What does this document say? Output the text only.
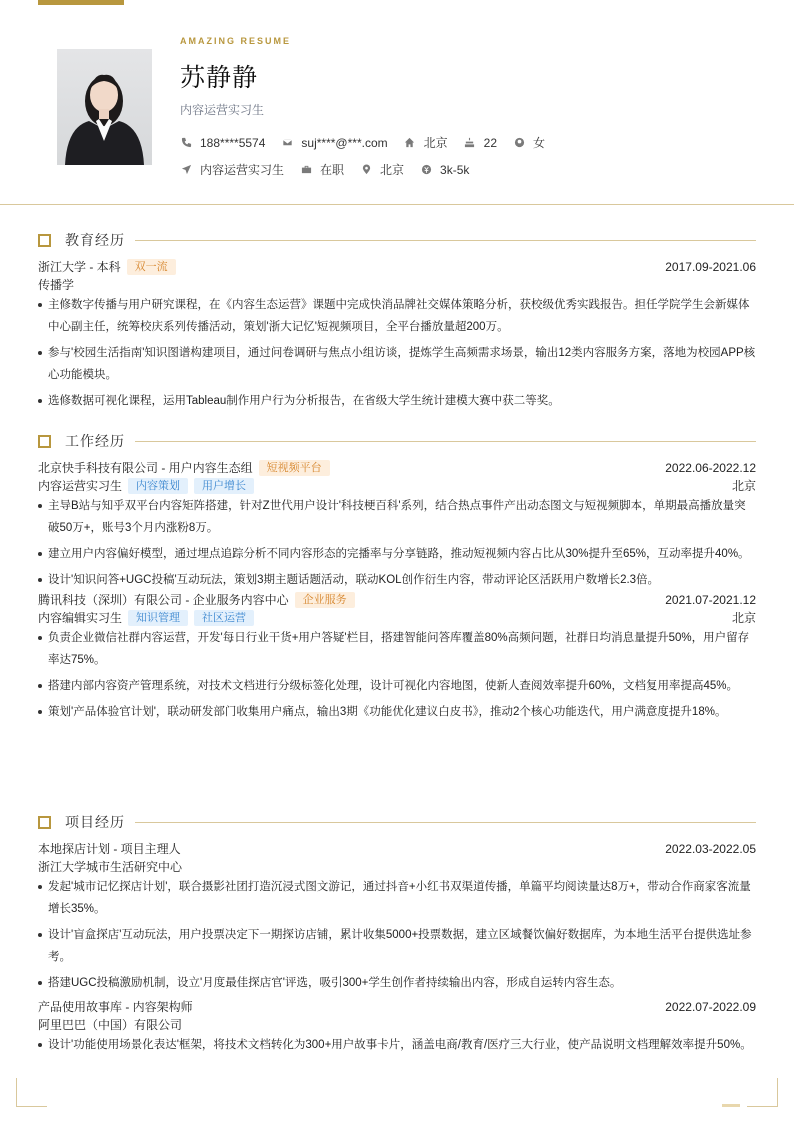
AMAZING RESUME
苏静静
内容运营实习生
188****5574	suj****@***.com	北京	22	女
内容运营实习生	在职	北京	3k-5k
教育经历
浙江大学 - 本科	双一流	2017.09-2021.06
传播学
主修数字传播与用户研究课程，在《内容生态运营》课题中完成快消品牌社交媒体策略分析，获校级优秀实践报告。担任学院学生会新媒体中心副主任，统筹校庆系列传播活动，策划'浙大记忆'短视频项目，全平台播放量超200万。
参与'校园生活指南'知识图谱构建项目，通过问卷调研与焦点小组访谈，提炼学生高频需求场景，输出12类内容服务方案，落地为校园APP核心功能模块。
选修数据可视化课程，运用Tableau制作用户行为分析报告，在省级大学生统计建模大赛中获二等奖。
工作经历
北京快手科技有限公司 - 用户内容生态组	短视频平台	2022.06-2022.12
内容运营实习生	内容策划	用户增长	北京
主导B站与知乎双平台内容矩阵搭建，针对Z世代用户设计'科技梗百科'系列，结合热点事件产出动态图文与短视频脚本，单期最高播放量突破50万+，账号3个月内涨粉8万。
建立用户内容偏好模型，通过埋点追踪分析不同内容形态的完播率与分享链路，推动短视频内容占比从30%提升至65%，互动率提升40%。
设计'知识问答+UGC投稿'互动玩法，策划3期主题话题活动，联动KOL创作衍生内容，带动评论区活跃用户数增长2.3倍。
腾讯科技（深圳）有限公司 - 企业服务内容中心	企业服务	2021.07-2021.12
内容编辑实习生	知识管理	社区运营	北京
负责企业微信社群内容运营，开发'每日行业干货+用户答疑'栏目，搭建智能问答库覆盖80%高频问题，社群日均消息量提升50%，用户留存率达75%。
搭建内部内容资产管理系统，对技术文档进行分级标签化处理，设计可视化内容地图，使新人查阅效率提升60%，文档复用率提高45%。
策划'产品体验官计划'，联动研发部门收集用户痛点，输出3期《功能优化建议白皮书》，推动2个核心功能迭代，用户满意度提升18%。
项目经历
本地探店计划 - 项目主理人	2022.03-2022.05
浙江大学城市生活研究中心
发起'城市记忆探店计划'，联合摄影社团打造沉浸式图文游记，通过抖音+小红书双渠道传播，单篇平均阅读量达8万+，带动合作商家客流量增长35%。
设计'盲盒探店'互动玩法，用户投票决定下一期探访店铺，累计收集5000+投票数据，建立区域餐饮偏好数据库，为本地生活平台提供选址参考。
搭建UGC投稿激励机制，设立'月度最佳探店官'评选，吸引300+学生创作者持续输出内容，形成自运转内容生态。
产品使用故事库 - 内容架构师	2022.07-2022.09
阿里巴巴（中国）有限公司
设计'功能使用场景化表达'框架，将技术文档转化为300+用户故事卡片，涵盖电商/教育/医疗三大行业，使产品说明文档理解效率提升50%。
